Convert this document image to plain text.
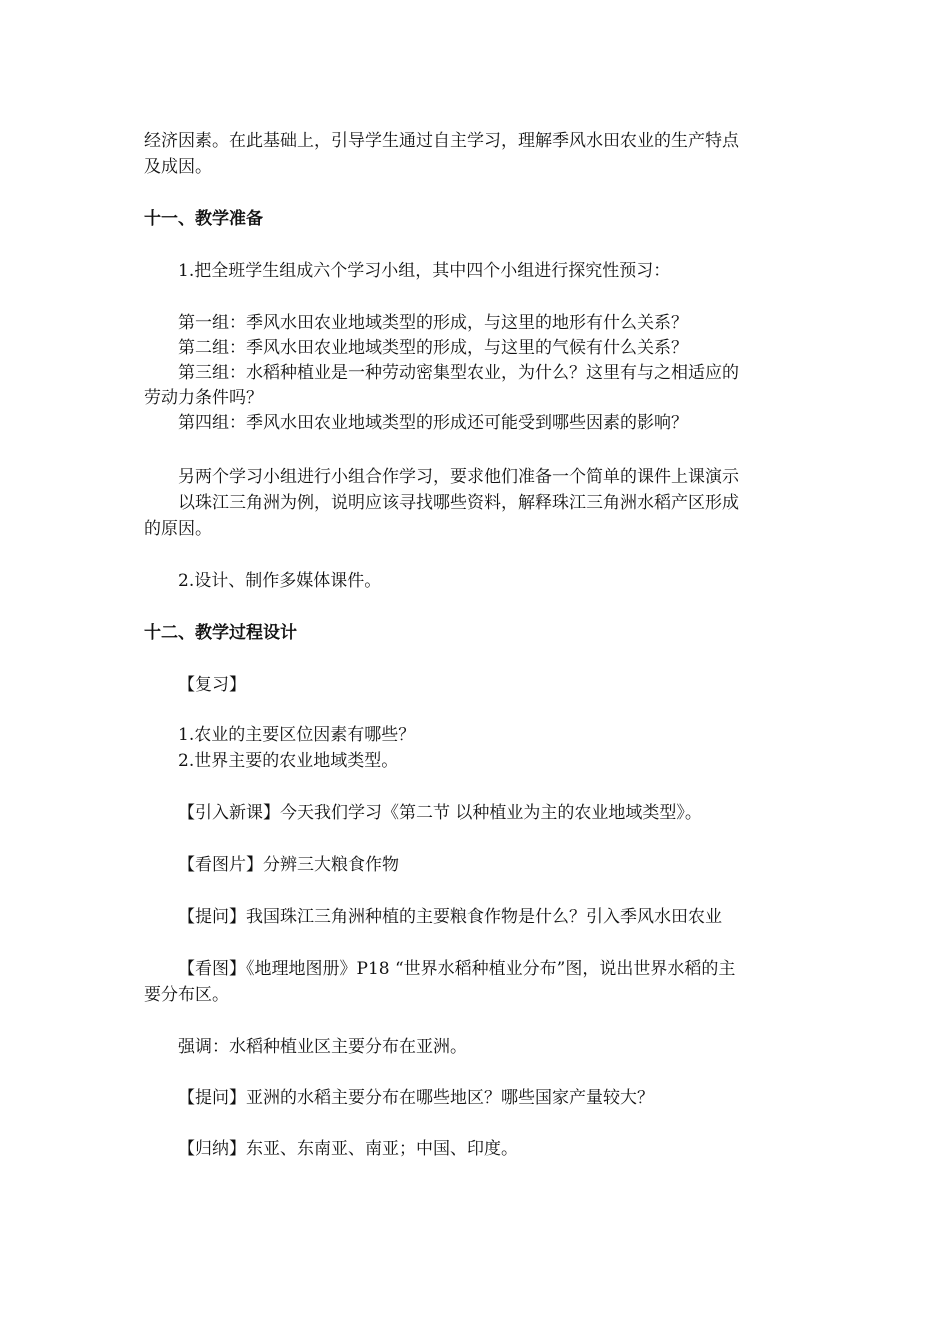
经济因素。在此基础上，引导学生通过自主学习，理解季风水田农业的生产特点
及成因。
十一、教学准备
1.把全班学生组成六个学习小组，其中四个小组进行探究性预习：
第一组：季风水田农业地域类型的形成，与这里的地形有什么关系？
第二组：季风水田农业地域类型的形成，与这里的气候有什么关系？
第三组：水稻种植业是一种劳动密集型农业，为什么？这里有与之相适应的
劳动力条件吗？
第四组：季风水田农业地域类型的形成还可能受到哪些因素的影响？
另两个学习小组进行小组合作学习，要求他们准备一个简单的课件上课演示
以珠江三角洲为例，说明应该寻找哪些资料，解释珠江三角洲水稻产区形成
的原因。
2.设计、制作多媒体课件。
十二、教学过程设计
【复习】
1.农业的主要区位因素有哪些？
2.世界主要的农业地域类型。
【引入新课】今天我们学习《第二节 以种植业为主的农业地域类型》。
【看图片】分辨三大粮食作物
【提问】我国珠江三角洲种植的主要粮食作物是什么？引入季风水田农业
【看图】《地理地图册》P18 “世界水稻种植业分布”图，说出世界水稻的主
要分布区。
强调：水稻种植业区主要分布在亚洲。
【提问】亚洲的水稻主要分布在哪些地区？哪些国家产量较大？
【归纳】东亚、东南亚、南亚；中国、印度。
